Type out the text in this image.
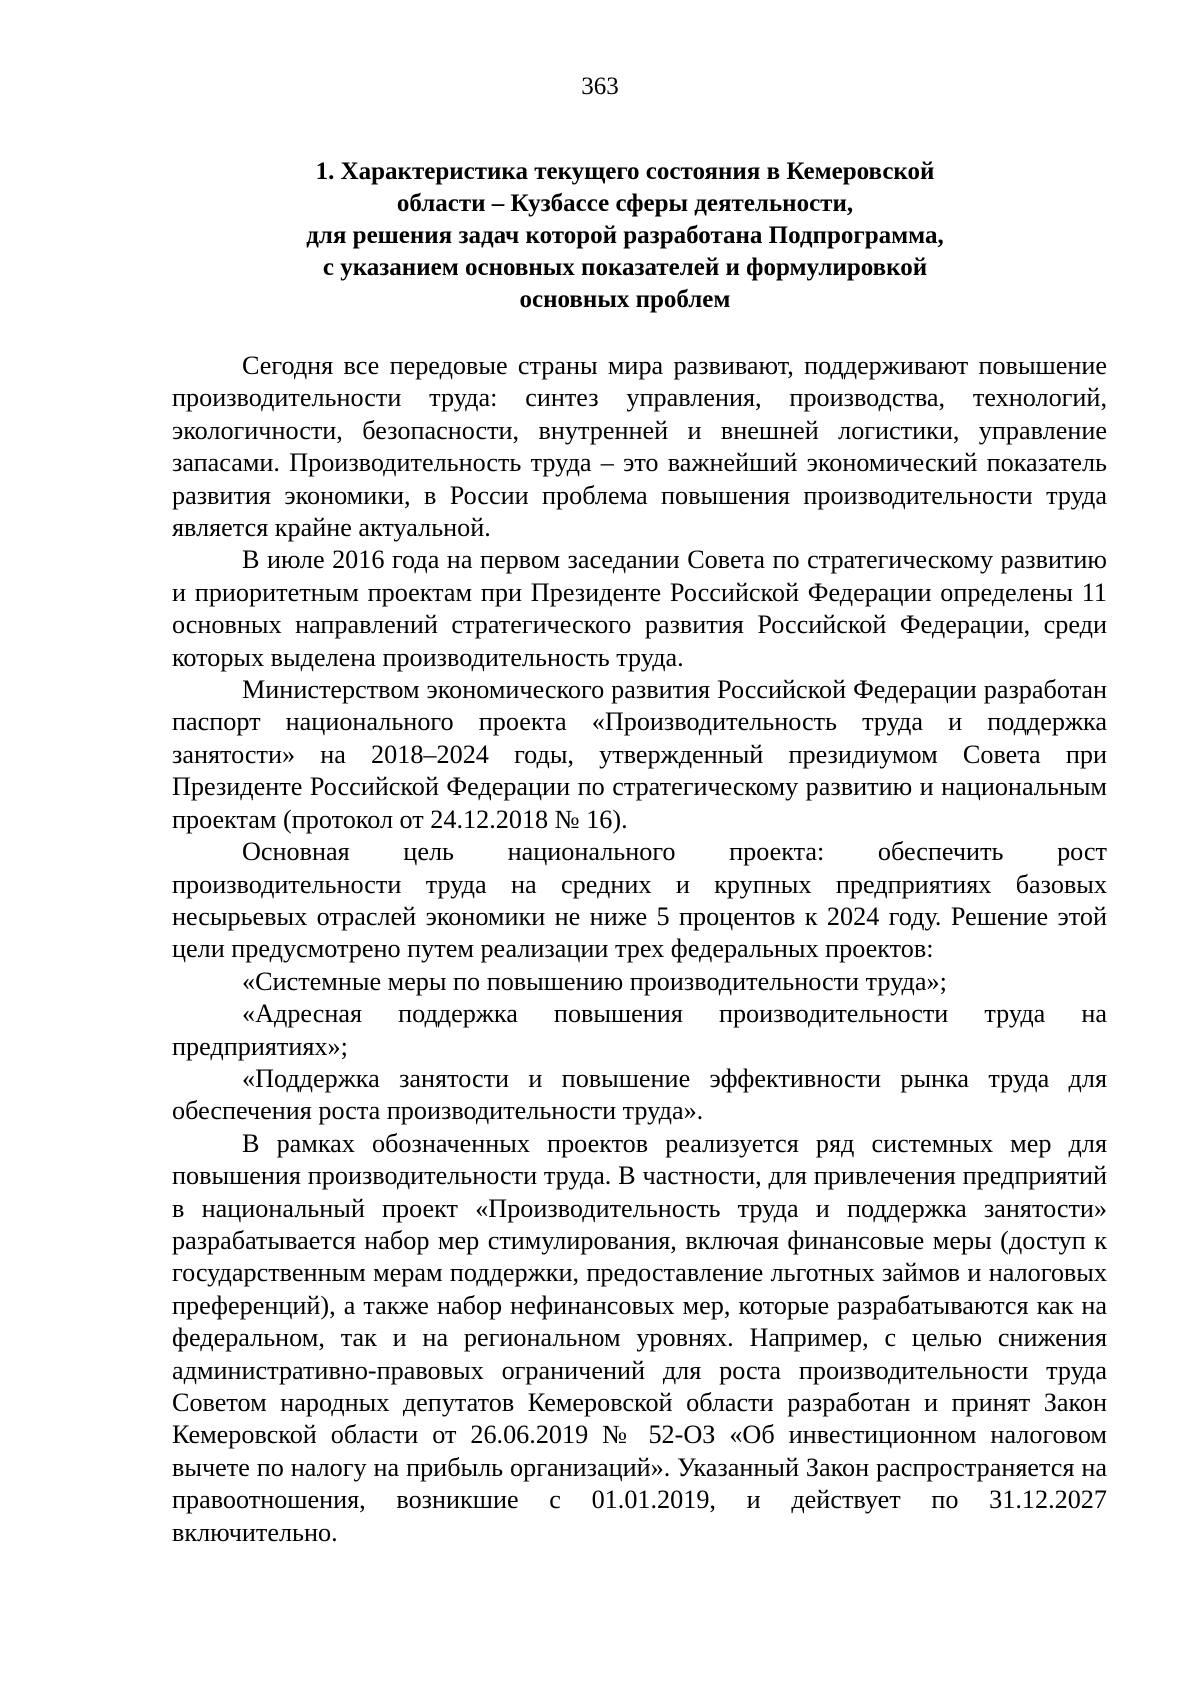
363
1. Характеристика текущего состояния в Кемеровской
области – Кузбассе сферы деятельности,
для решения задач которой разработана Подпрограмма,
с указанием основных показателей и формулировкой
основных проблем

Сегодня все передовые страны мира развивают, поддерживают повышение производительности труда: синтез управления, производства, технологий, экологичности, безопасности, внутренней и внешней логистики, управление запасами. Производительность труда – это важнейший экономический показатель развития экономики, в России проблема повышения производительности труда является крайне актуальной.

В июле 2016 года на первом заседании Совета по стратегическому развитию и приоритетным проектам при Президенте Российской Федерации определены 11 основных направлений стратегического развития Российской Федерации, среди которых выделена производительность труда.

Министерством экономического развития Российской Федерации разработан паспорт национального проекта «Производительность труда и поддержка занятости» на 2018–2024 годы, утвержденный президиумом Совета при Президенте Российской Федерации по стратегическому развитию и национальным проектам (протокол от 24.12.2018 № 16).

Основная цель национального проекта: обеспечить рост производительности труда на средних и крупных предприятиях базовых несырьевых отраслей экономики не ниже 5 процентов к 2024 году. Решение этой цели предусмотрено путем реализации трех федеральных проектов:

«Системные меры по повышению производительности труда»;

«Адресная поддержка повышения производительности труда на предприятиях»;

«Поддержка занятости и повышение эффективности рынка труда для обеспечения роста производительности труда».

В рамках обозначенных проектов реализуется ряд системных мер для повышения производительности труда. В частности, для привлечения предприятий в национальный проект «Производительность труда и поддержка занятости» разрабатывается набор мер стимулирования, включая финансовые меры (доступ к государственным мерам поддержки, предоставление льготных займов и налоговых преференций), а также набор нефинансовых мер, которые разрабатываются как на федеральном, так и на региональном уровнях. Например, с целью снижения административно-правовых ограничений для роста производительности труда Советом народных депутатов Кемеровской области разработан и принят Закон Кемеровской области от 26.06.2019 № 52-ОЗ «Об инвестиционном налоговом вычете по налогу на прибыль организаций». Указанный Закон распространяется на правоотношения, возникшие с 01.01.2019, и действует по 31.12.2027 включительно.
